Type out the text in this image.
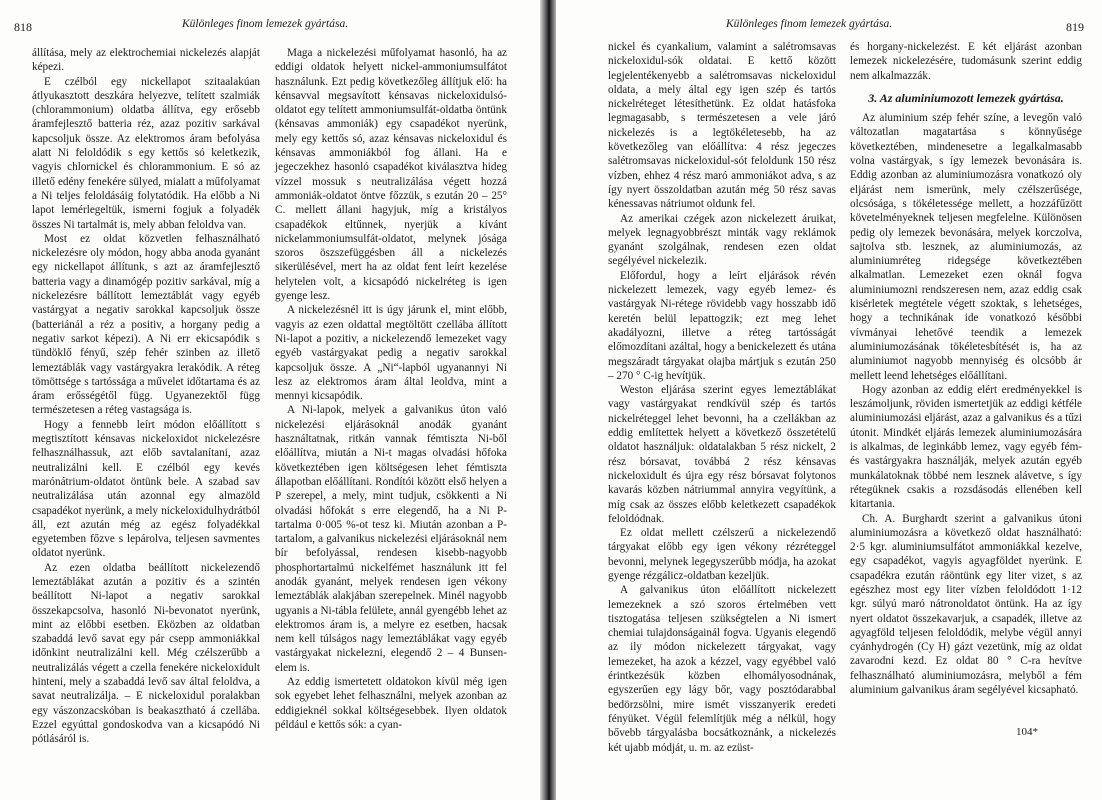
818	Különleges finom lemezek gyártása.

állítása, mely az elektrochemiai nickelezés alapját képezi.

E czélból egy nickellapot szitaalakúan átlyukasztott deszkára helyezve, telített szalmiák (chlorammonium) oldatba állítva, egy erősebb áramfejlesztő batteria réz, azaz pozitiv sarkával kapcsoljuk össze. Az elektromos áram befolyása alatt Ni feloldódik s egy kettős só keletkezik, vagyis chlornickel és chlorammonium. E só az illető edény fenekére sülyed, mialatt a műfolyamat a Ni teljes feloldásáig folytatódik. Ha előbb a Ni lapot lemérlegeltük, ismerni fogjuk a folyadék összes Ni tartalmát is, mely abban feloldva van.

Most ez oldat közvetlen felhasználható nickelezésre oly módon, hogy abba anoda gyanánt egy nickellapot állítunk, s azt az áramfejlesztő batteria vagy a dinamógép pozitiv sarkával, míg a nickelezésre bállított lemeztáblát vagy egyéb vastárgyat a negativ sarokkal kapcsoljuk össze (batteriánál a réz a positiv, a horgany pedig a negativ sarkot képezi). A Ni err ekicsapódik s tündöklő fényű, szép fehér szinben az illető lemeztáblák vagy vastárgyakra lerakódik. A réteg tömöttsége s tartóssága a művelet időtartama és az áram erősségétől függ. Ugyanezektől függ természetesen a réteg vastagsága is.

Hogy a fennebb leírt módon előállított s megtisztított kénsavas nickeloxidot nickelezésre felhasználhassuk, azt előb savtalanítani, azaz neutralizálni kell. E czélból egy kevés marónátrium-oldatot öntünk bele. A szabad sav neutralizálása után azonnal egy almazöld csapadékot nyerünk, a mely nickeloxidulhydrátból áll, ezt azután még az egész folyadékkal egyetemben főzve s lepárolva, teljesen savmentes oldatot nyerünk.

Az ezen oldatba beállított nickelezendő lemeztáblákat azután a pozitiv és a szintén beállított Ni-lapot a negativ sarokkal összekapcsolva, hasonló Ni-bevonatot nyerünk, mint az előbbi esetben. Eközben az oldatban szabaddá levő savat egy pár csepp ammoniákkal időnkint neutralizálni kell. Még czélszerűbb a neutralizálás végett a czella fenekére nickeloxidult hinteni, mely a szabaddá levő sav által feloldva, a savat neutralizálja. – E nickeloxidul poralakban egy vászonzacskóban is beakasztható á czellába. Ezzel egyúttal gondoskodva van a kicsapódó Ni pótlásáról is.

Maga a nickelezési műfolyamat hasonló, ha az eddigi oldatok helyett nickel-ammoniumsulfátot használunk. Ezt pedig következőleg állítjuk elő: ha kénsavval megsavított kénsavas nickeloxidulsó-oldatot egy telített ammoniumsulfát-oldatba öntünk (kénsavas ammoniák) egy csapadékot nyerünk, mely egy kettős só, azaz kénsavas nickeloxidul és kénsavas ammoniákból fog állani. Ha e jegeczekhez hasonló csapadékot kiválasztva hideg vízzel mossuk s neutralizálása végett hozzá ammoniák-oldatot öntve főzzük, s ezután 20 – 25° C. mellett állani hagyjuk, míg a kristályos csapadékok eltűnnek, nyerjük a kívánt nickelammoniumsulfát-oldatot, melynek jósága szoros öszszefüggésben áll a nickelezés sikerülésével, mert ha az oldat fent leírt kezelése helytelen volt, a kicsapódó nickelréteg is igen gyenge lesz.

A nickelezésnél itt is úgy járunk el, mint előbb, vagyis az ezen oldattal megtöltött czellába állított Ni-lapot a pozitiv, a nickelezendő lemezeket vagy egyéb vastárgyakat pedig a negativ sarokkal kapcsoljuk össze. A „Ni“-lapból ugyanannyi Ni lesz az elektromos áram által leoldva, mint a mennyi kicsapódik.

A Ni-lapok, melyek a galvanikus úton való nickelezési eljárásoknál anodák gyanánt használtatnak, ritkán vannak fémtiszta Ni-ből előállítva, miután a Ni-t magas olvadási hőfoka következtében igen költségesen lehet fémtiszta állapotban előállítani. Rondítói között első helyen a P szerepel, a mely, mint tudjuk, csökkenti a Ni olvadási hőfokát s erre elegendő, ha a Ni P-tartalma 0·005 %-ot tesz ki. Miután azonban a P-tartalom, a galvanikus nickelezési eljárásoknál nem bír befolyással, rendesen kisebb-nagyobb phosphortartalmú nickelfémet használunk itt fel anodák gyanánt, melyek rendesen igen vékony lemeztáblák alakjában szerepelnek. Minél nagyobb ugyanis a Ni-tábla felülete, annál gyengébb lehet az elektromos áram is, a melyre ez esetben, hacsak nem kell túlságos nagy lemeztáblákat vagy egyéb vastárgyakat nickelezni, elegendő 2 – 4 Bunsen-elem is.

Az eddig ismertetett oldatokon kívül még igen sok egyebet lehet felhasználni, melyek azonban az eddigieknél sokkal költségesebbek. Ilyen oldatok például e kettős sók: a cyan-

Különleges finom lemezek gyártása.	819

nickel és cyankalium, valamint a salétromsavas nickeloxidul-sók oldatai. E kettő között legjelentékenyebb a salétromsavas nickeloxidul oldata, a mely által egy igen szép és tartós nickelréteget létesíthetünk. Ez oldat hatásfoka legmagasabb, s természetesen a vele járó nickelezés is a legtökéletesebb, ha az következőleg van előállítva: 4 rész jegeczes salétromsavas nickeloxidul-sót feloldunk 150 rész vízben, ehhez 4 rész maró ammoniákot adva, s az így nyert összoldatban azután még 50 rész savas kénessavas nátriumot oldunk fel.

Az amerikai czégek azon nickelezett áruikat, melyek legnagyobbrészt minták vagy reklámok gyanánt szolgálnak, rendesen ezen oldat segélyével nickelezik.

Előfordul, hogy a leírt eljárások révén nickelezett lemezek, vagy egyéb lemez- és vastárgyak Ni-rétege rövidebb vagy hosszabb idő keretén belül lepattogzik; ezt meg lehet akadályozni, illetve a réteg tartósságát előmozdítani azáltal, hogy a benickelezett és utána megszáradt tárgyakat olajba mártjuk s ezután 250 – 270 ° C-ig hevítjük.

Weston eljárása szerint egyes lemeztáblákat vagy vastárgyakat rendkívül szép és tartós nickelréteggel lehet bevonni, ha a czellákban az eddig említettek helyett a következő összetételű oldatot használjuk: oldatalakban 5 rész nickelt, 2 rész bórsavat, továbbá 2 rész kénsavas nickeloxidult és újra egy rész bórsavat folytonos kavarás közben nátriummal annyira vegyítünk, a míg csak az összes előbb keletkezett csapadékok feloldódnak.

Ez oldat mellett czélszerű a nickelezendő tárgyakat előbb egy igen vékony rézréteggel bevonni, melynek legegyszerűbb módja, ha azokat gyenge rézgálicz-oldatban kezeljük.

A galvanikus úton előállított nickelezett lemezeknek a szó szoros értelmében vett tisztogatása teljesen szükségtelen a Ni ismert chemiai tulajdonságainál fogva. Ugyanis elegendő az ily módon nickelezett tárgyakat, vagy lemezeket, ha azok a kézzel, vagy egyébbel való érintkezésük közben elhomályosodnának, egyszerűen egy lágy bőr, vagy posztódarabbal bedörzsölni, mire ismét visszanyerik eredeti fényüket. Végül felemlítjük még a nélkül, hogy bővebb tárgyalásba bocsátkoznánk, a nickelezés két ujabb módját, u. m. az ezüst-

és horgany-nickelezést. E két eljárást azonban lemezek nickelezésére, tudomásunk szerint eddig nem alkalmazzák.

3. Az aluminiumozott lemezek gyártása.

Az aluminium szép fehér színe, a levegőn való változatlan magatartása s könnyűsége következtében, mindenesetre a legalkalmasabb volna vastárgyak, s így lemezek bevonására is. Eddig azonban az aluminiumozásra vonatkozó oly eljárást nem ismerünk, mely czélszerűsége, olcsósága, s tökéletessége mellett, a hozzáfűzött követelményeknek teljesen megfelelne. Különösen pedig oly lemezek bevonására, melyek korczolva, sajtolva stb. lesznek, az aluminiumozás, az aluminiumréteg ridegsége következtében alkalmatlan. Lemezeket ezen oknál fogva aluminiumozni rendszeresen nem, azaz eddig csak kisérletek megtétele végett szoktak, s lehetséges, hogy a technikának ide vonatkozó későbbi vívmányai lehetővé teendik a lemezek aluminiumozásának tökéletesbítését is, ha az aluminiumot nagyobb mennyiség és olcsóbb ár mellett leend lehetséges előállítani.

Hogy azonban az eddig elért eredményekkel is leszámoljunk, röviden ismertetjük az eddigi kétféle aluminiumozási eljárást, azaz a galvanikus és a tűzi útonit. Mindkét eljárás lemezek aluminiumozására is alkalmas, de leginkább lemez, vagy egyéb fém- és vastárgyakra használják, melyek azután egyéb munkálatoknak többé nem lesznek alávetve, s így rétegüknek csakis a rozsdásodás ellenében kell kitartania.

Ch. A. Burghardt szerint a galvanikus útoni aluminiumozásra a következő oldat használható: 2·5 kgr. aluminiumsulfátot ammoniákkal kezelve, egy csapadékot, vagyis agyagföldet nyerünk. E csapadékra ezután ráöntünk egy liter vizet, s az egészhez most egy liter vízben feloldódott 1·12 kgr. súlyú maró nátronoldatot öntünk. Ha az így nyert oldatot összekavarjuk, a csapadék, illetve az agyagföld teljesen feloldódik, melybe végül annyi cyánhydrogén (Cy H) gázt vezetünk, míg az oldat zavarodni kezd. Ez oldat 80 ° C-ra hevítve felhasználható aluminiumozásra, melyből a fém aluminium galvanikus áram segélyével kicsapható.

104*
